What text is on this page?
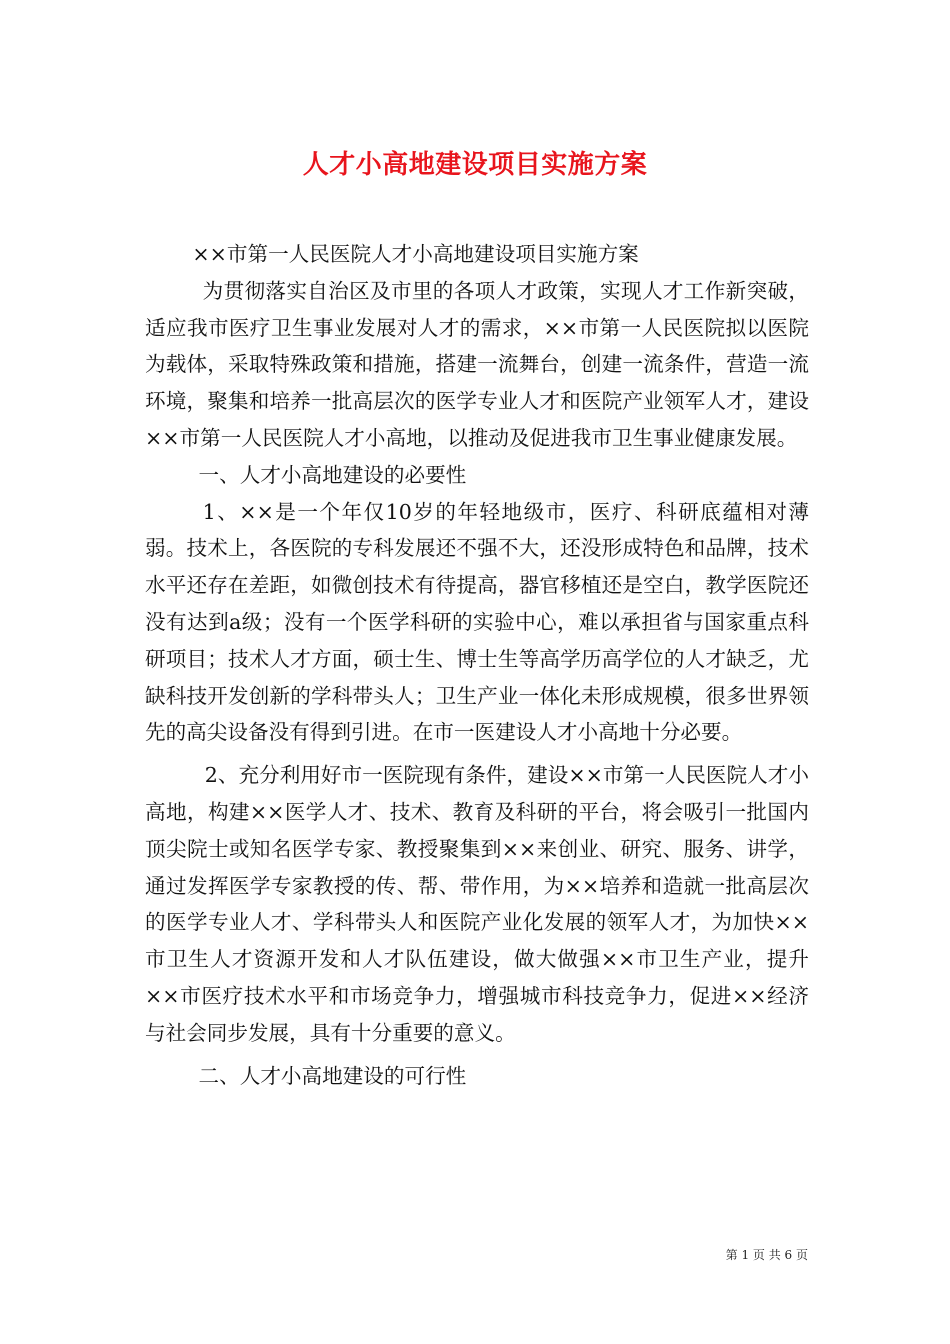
人才小高地建设项目实施方案

××市第一人民医院人才小高地建设项目实施方案

为贯彻落实自治区及市里的各项人才政策，实现人才工作新突破，适应我市医疗卫生事业发展对人才的需求，××市第一人民医院拟以医院为载体，采取特殊政策和措施，搭建一流舞台，创建一流条件，营造一流环境，聚集和培养一批高层次的医学专业人才和医院产业领军人才，建设××市第一人民医院人才小高地，以推动及促进我市卫生事业健康发展。

一、人才小高地建设的必要性

1、××是一个年仅10岁的年轻地级市，医疗、科研底蕴相对薄弱。技术上，各医院的专科发展还不强不大，还没形成特色和品牌，技术水平还存在差距，如微创技术有待提高，器官移植还是空白，教学医院还没有达到a级；没有一个医学科研的实验中心，难以承担省与国家重点科研项目；技术人才方面，硕士生、博士生等高学历高学位的人才缺乏，尤缺科技开发创新的学科带头人；卫生产业一体化未形成规模，很多世界领先的高尖设备没有得到引进。在市一医建设人才小高地十分必要。

2、充分利用好市一医院现有条件，建设××市第一人民医院人才小高地，构建××医学人才、技术、教育及科研的平台，将会吸引一批国内顶尖院士或知名医学专家、教授聚集到××来创业、研究、服务、讲学，通过发挥医学专家教授的传、帮、带作用，为××培养和造就一批高层次的医学专业人才、学科带头人和医院产业化发展的领军人才，为加快××市卫生人才资源开发和人才队伍建设，做大做强××市卫生产业，提升××市医疗技术水平和市场竞争力，增强城市科技竞争力，促进××经济与社会同步发展，具有十分重要的意义。

二、人才小高地建设的可行性

第 1 页 共 6 页
